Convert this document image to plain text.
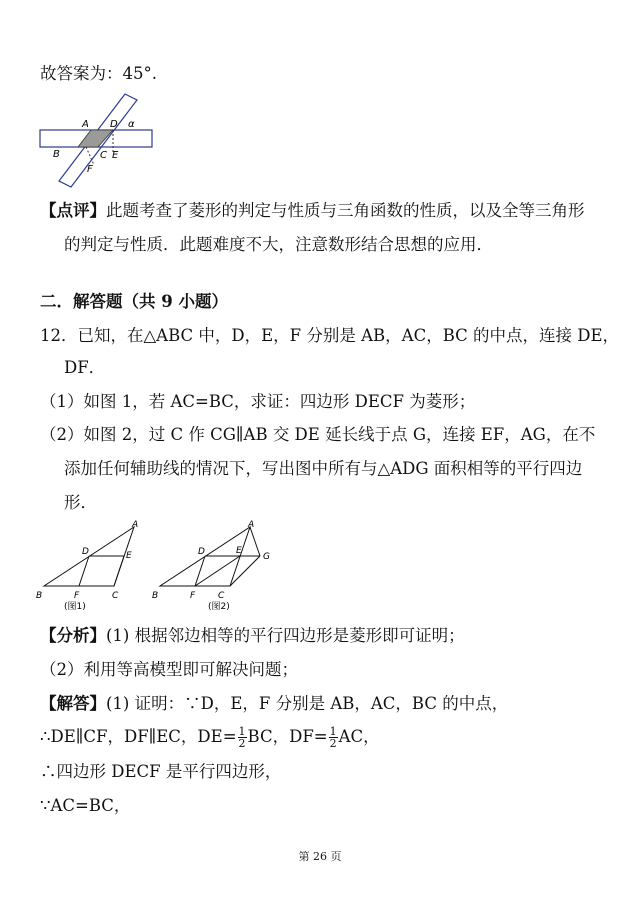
故答案为：45°.
A D α
B	C E
F
【点评】此题考查了菱形的判定与性质与三角函数的性质，以及全等三角形
的判定与性质．此题难度不大，注意数形结合思想的应用．
二．解答题（共 9 小题）
12．已知，在△ABC 中，D，E，F 分别是 AB，AC，BC 的中点，连接 DE，
DF．
（1）如图 1，若 AC=BC，求证：四边形 DECF 为菱形；
（2）如图 2，过 C 作 CG∥AB 交 DE 延长线于点 G，连接 EF，AG，在不
添加任何辅助线的情况下，写出图中所有与△ADG 面积相等的平行四边
形．
A
D	E
B	F	C
(图1)
A
D	E
G
B	F	C
(图2)
【分析】(1) 根据邻边相等的平行四边形是菱形即可证明；
（2）利用等高模型即可解决问题；
【解答】(1) 证明：∵D，E，F 分别是 AB，AC，BC 的中点，
∴DE∥CF，DF∥EC，$DE= \frac{1}{2}$ BC，$DF= \frac{1}{2}$ AC，
∴四边形 DECF 是平行四边形，
∵AC=BC，
第 26 页
